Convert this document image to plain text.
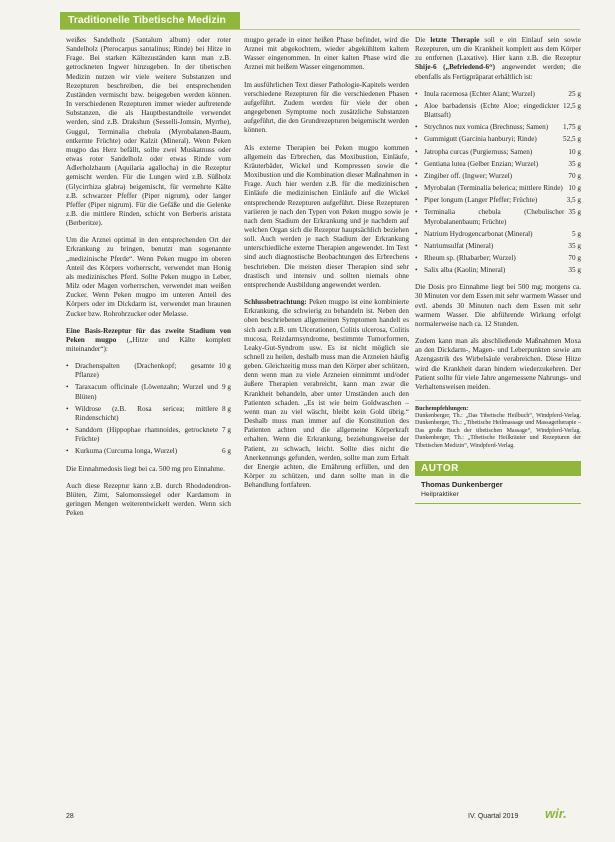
Traditionelle Tibetische Medizin

weißes Sandelholz (Santalum album) oder roter Sandelholz (Pterocarpus santalinus; Rinde) bei Hitze in Frage. Bei starken Kältezuständen kann man z.B. getrockneten Ingwer hinzugeben. In der tibetischen Medizin nutzen wir viele weitere Substanzen und Rezepturen beschreiben, die bei entsprechenden Zuständen vermischt bzw. beigegeben werden können. In verschiedenen Rezepturen immer wieder auftretende Substanzen, die als Hauptbestandteile verwendet werden, sind z.B. Drakshun (Sesselli-Jomsin, Myrrhe), Guggul, Terminalia chebula (Myrobalanen-Baum, entkernte Früchte) oder Kalzit (Mineral). Wenn Peken mugpo das Herz befällt, sollte zwei Muskatnuss oder etwas roter Sandelholz oder etwas Rinde vom Adlerholzbaum (Aquilaria agallocha) in die Rezeptur gemischt werden. Für die Lungen wird z.B. Süßholz (Glycirrhiza glabra) beigemischt, für vermehrte Kälte z.B. schwarzer Pfeffer (Piper nigrum), oder langer Pfeffer (Piper nigrum). Für die Gefäße und die Gelenke z.B. die mittlere Rinden, schicht von Berberis aristata (Berberitze).

Um die Arznei optimal in den entsprechenden Ort der Erkrankung zu bringen, benutzt man sogenannte „medizinische Pferde“. Wenn Peken mugpo im oberen Anteil des Körpers vorherrscht, verwendet man Honig als medizinisches Pferd. Sollte Peken mugpo in Leber, Milz oder Magen vorherrschen, verwendet man weißen Zucker. Wenn Peken mugpo im unteren Anteil des Körpers oder im Dickdarm ist, verwendet man braunen Zucker bzw. Rohrohrzucker oder Melasse.

Eine Basis-Rezeptur für das zweite Stadium von Peken mugpo („Hitze und Kälte komplett miteinander“):

• 10 g
Drachenspalten (Drachenkopf; gesamte Pflanze)
• 9 g
Taraxacum officinale (Löwenzahn; Wurzel und Blüten)
• 8 g
Wildrose (z.B. Rosa sericea; mittlere Rindenschicht)
• 7 g
Sanddorn (Hippophae rhamnoides, getrocknete Früchte)
• 6 g
Kurkuma (Curcuma longa, Wurzel)

Die Einnahmedosis liegt bei ca. 500 mg pro Einnahme.

Auch diese Rezeptur kann z.B. durch Rhododendron-Blüten, Zimt, Salomonssiegel oder Kardamom in geringen Mengen weiterentwickelt werden. Wenn sich Peken

mugpo gerade in einer heißen Phase befindet, wird die Arznei mit abgekochtem, wieder abgekühltem kaltem Wasser eingenommen. In einer kalten Phase wird die Arznei mit heißem Wasser eingenommen.

Im ausführlichen Text dieser Pathologie-Kapitels werden verschiedene Rezepturen für die verschiedenen Phasen aufgeführt. Zudem werden für viele der oben angegebenen Symptome noch zusätzliche Substanzen aufgeführt, die den Grundrezepturen beigemischt werden können.

Als externe Therapien bei Peken mugpo kommen allgemein das Erbrechen, das Moxibustion, Einläufe, Kräuterbäder, Wickel und Kompressen sowie die Moxibustion und die Kombination dieser Maßnahmen in Frage. Auch hier werden z.B. für die medizinischen Einläufe die medizinischen Einläufe auf die Wickel entsprechende Rezepturen aufgeführt. Diese Rezepturen variieren je nach den Typen von Peken mugpo sowie je nach dem Stadium der Erkrankung und je nachdem auf welchen Organ sich die Rezeptur hauptsächlich beziehen soll. Auch werden je nach Stadium der Erkrankung unterschiedliche externe Therapien angewendet. Im Text sind auch diagnostische Beobachtungen des Erbrechens beschrieben. Die meisten dieser Therapien sind sehr drastisch und intensiv und sollten niemals ohne entsprechende Ausbildung angewendet werden.

Schlussbetrachtung: Peken mugpo ist eine kombinierte Erkrankung, die schwierig zu behandeln ist. Neben den oben beschriebenen allgemeinen Symptomen handelt es sich auch z.B. um Ulcerationen, Colitis ulcerosa, Colitis mucosa, Reizdarmsyndrome, bestimmte Tumorformen, Leaky-Gut-Syndrom usw. Es ist nicht möglich sie schnell zu heilen, deshalb muss man die Arzneien häufig geben. Gleichzeitig muss man den Körper aber schützen, denn wenn man zu viele Arzneien einnimmt und/oder äußere Therapien verabreicht, kann man zwar die Krankheit behandeln, aber unter Umständen auch den Patienten schaden. „Es ist wie beim Goldwaschen – wenn man zu viel wäscht, bleibt kein Gold übrig.“ Deshalb muss man immer auf die Konstitution des Patienten achten und die allgemeine Körperkraft erhalten. Wenn die Erkrankung, beziehungsweise der Patient, zu schwach, leicht. Sollte dies nicht die Anerkennungs gefunden, werden, sollte man zum Erhalt der Energie achten, die Ernährung erfüllen, und den Körper zu schützen, und dann sollte man in die Behandlung fortfahren.

Die letzte Therapie soll e ein Einlauf sein sowie Rezepturen, um die Krankheit komplett aus dem Körper zu entfernen (Laxative). Hier kann z.B. die Rezeptur Shije-6 („Befriedend-6“) angewendet werden; die ebenfalls als Fertigpräparat erhältlich ist:

• 25 g
Inula racemosa (Echter Alant; Wurzel)
• 12,5 g
Aloe barbadensis (Echte Aloe; eingedickter Blattsaft)
• 1,75 g
Strychnos nux vomica (Brechnuss; Samen)
• 52,5 g
Gummigutt (Garcinia hanburyi; Rinde)
• 10 g
Jatropha curcas (Purgiernuss; Samen)
• 35 g
Gentiana lutea (Gelber Enzian; Wurzel)
• 70 g
Zingiber off. (Ingwer; Wurzel)
• 10 g
Myrobalan (Terminalia belerica; mittlere Rinde)
• 3,5 g
Piper longum (Langer Pfeffer; Früchte)
• 35 g
Terminalia chebula (Chebulischer Myrobalanenbaum; Früchte)
• 5 g
Natrium Hydrogencarbonat (Mineral)
• 35 g
Natriumsulfat (Mineral)
• 70 g
Rheum sp. (Rhabarber; Wurzel)
• 35 g
Salix alba (Kaolin; Mineral)

Die Dosis pro Einnahme liegt bei 500 mg; morgens ca. 30 Minuten vor dem Essen mit sehr warmem Wasser und evtl. abends 30 Minuten nach dem Essen mit sehr warmem Wasser. Die abführende Wirkung erfolgt normalerweise nach ca. 12 Stunden.

Zudem kann man als abschließende Maßnahmen Moxa an den Dickdarm-, Magen- und Leberpunkten sowie am Azengastrik des Wirbelsäule verabreichen. Diese Hitze wird die Krankheit daran hindern wiederzukehren. Der Patient sollte für viele Jahre angemessene Nahrungs- und Verhaltensweisen meiden.

Buchempfehlungen:
Dunkenberger, Th.: „Das Tibetische Heilbuch“, Windpferd-Verlag. Dunkenberger, Th.: „Tibetische Heilmassage und Massagetherapie – Das große Buch der tibetischen Massage“, Windpferd-Verlag. Dunkenberger, Th.: „Tibetische Heilkräuter und Rezepturen der Tibetischen Medizin“, Windpferd-Verlag.
AUTOR
Thomas Dunkenberger
Heilpraktiker
28	IV. Quartal 2019 wir.
